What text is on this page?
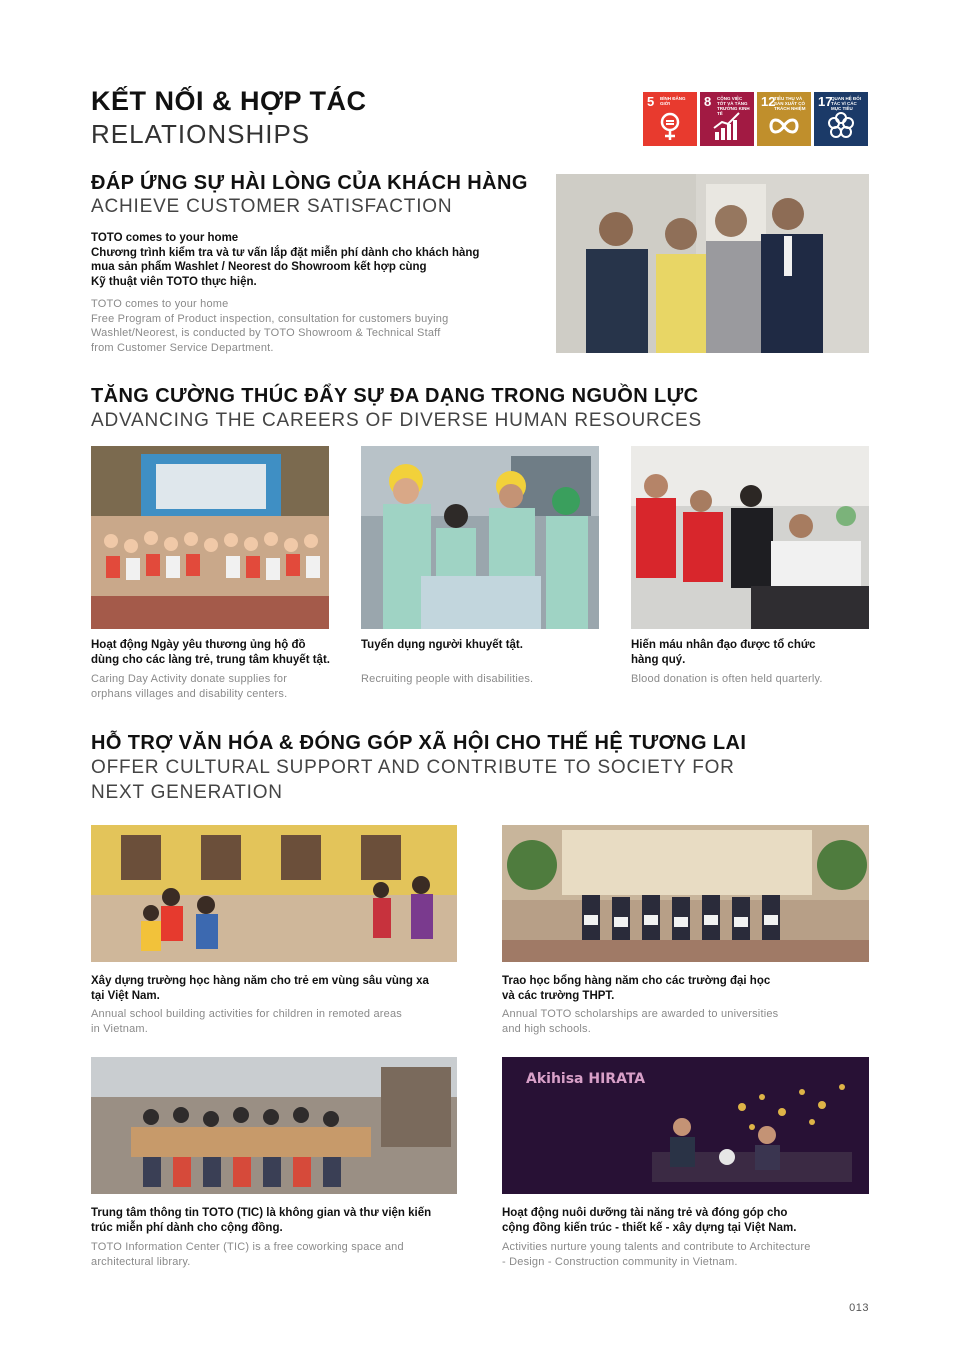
KẾT NỐI & HỢP TÁC
RELATIONSHIPS
5 BÌNH ĐẲNG GIỚI	8 CÔNG VIỆC TỐT VÀ TĂNG TRƯỞNG KINH TẾ
12
TIÊU THỤ VÀ SẢN XUẤT CÓ TRÁCH NHIỆM 17
QUAN HỆ ĐỐI TÁC VÌ CÁC MỤC TIÊU
ĐÁP ỨNG SỰ HÀI LÒNG CỦA KHÁCH HÀNG
ACHIEVE CUSTOMER SATISFACTION
TOTO comes to your home
Chương trình kiểm tra và tư vấn lắp đặt miễn phí dành cho khách hàng
mua sản phẩm Washlet / Neorest do Showroom kết hợp cùng
Kỹ thuật viên TOTO thực hiện.
TOTO comes to your home
Free Program of Product inspection, consultation for customers buying
Washlet/Neorest, is conducted by TOTO Showroom & Technical Staff
from Customer Service Department.
TĂNG CƯỜNG THÚC ĐẨY SỰ ĐA DẠNG TRONG NGUỒN LỰC
ADVANCING THE CAREERS OF DIVERSE HUMAN RESOURCES
Hoạt động Ngày yêu thương ủng hộ đồ
dùng cho các làng trẻ, trung tâm khuyết tật.
Caring Day Activity donate supplies for
orphans villages and disability centers.
Tuyển dụng người khuyết tật.
Recruiting people with disabilities.
Hiến máu nhân đạo được tổ chức
hàng quý.
Blood donation is often held quarterly.
HỖ TRỢ VĂN HÓA & ĐÓNG GÓP XÃ HỘI CHO THẾ HỆ TƯƠNG LAI
OFFER CULTURAL SUPPORT AND CONTRIBUTE TO SOCIETY FOR
NEXT GENERATION
Xây dựng trường học hàng năm cho trẻ em vùng sâu vùng xa
tại Việt Nam.
Annual school building activities for children in remoted areas
in Vietnam.
Trao học bổng hàng năm cho các trường đại học
và các trường THPT.
Annual TOTO scholarships are awarded to universities
and high schools.
Akihisa HIRATA
Trung tâm thông tin TOTO (TIC) là không gian và thư viện kiến
trúc miễn phí dành cho cộng đồng.
TOTO Information Center (TIC) is a free coworking space and
architectural library.
Hoạt động nuôi dưỡng tài năng trẻ và đóng góp cho
cộng đồng kiến trúc - thiết kế - xây dựng tại Việt Nam.
Activities nurture young talents and contribute to Architecture
- Design - Construction community in Vietnam.
013
